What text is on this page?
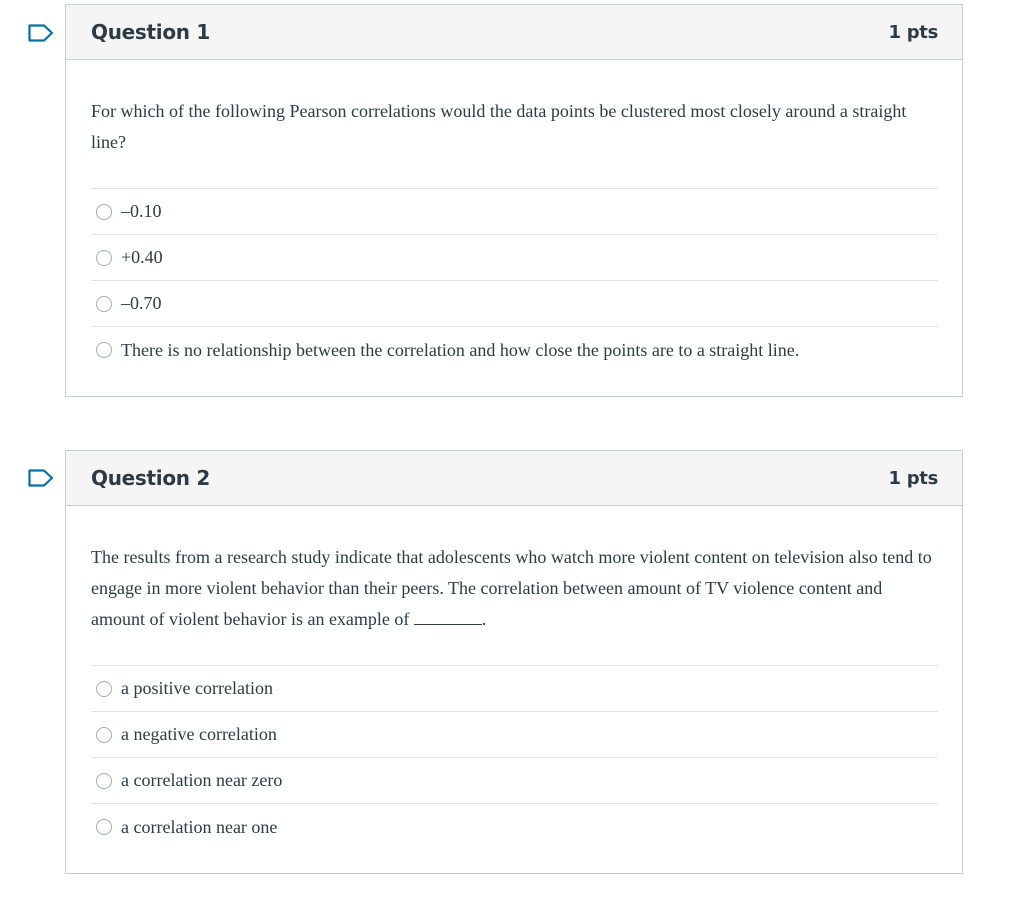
Question 1	1 pts

For which of the following Pearson correlations would the data points be clustered most closely around a straight line?

–0.10
+0.40
–0.70
There is no relationship between the correlation and how close the points are to a straight line.
Question 2	1 pts

The results from a research study indicate that adolescents who watch more violent content on television also tend to engage in more violent behavior than their peers. The correlation between amount of TV violence content and amount of violent behavior is an example of	.

a positive correlation
a negative correlation
a correlation near zero
a correlation near one
